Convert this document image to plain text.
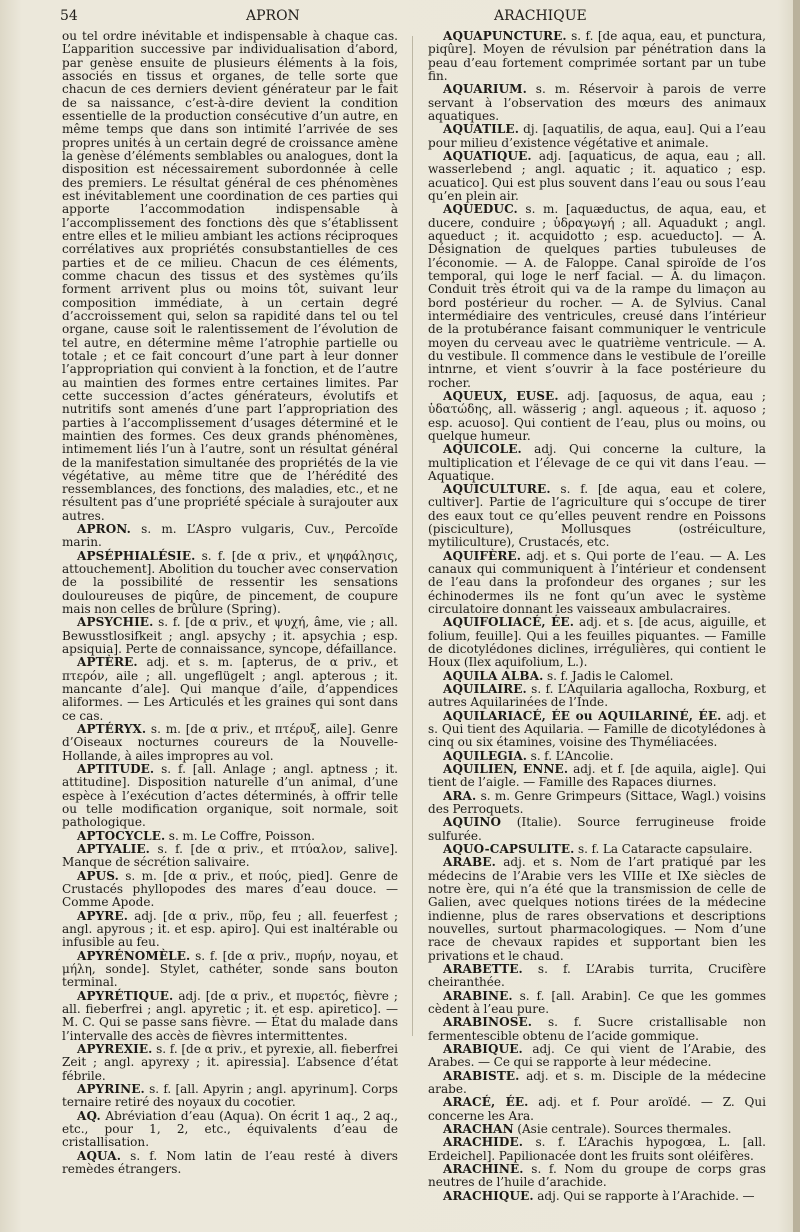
54	APRON	ARACHIQUE

ou tel ordre inévitable et indispensable à chaque cas. L’apparition successive par individualisation d’abord, par genèse ensuite de plusieurs éléments à la fois, associés en tissus et organes, de telle sorte que chacun de ces derniers devient générateur par le fait de sa naissance, c’est-à-dire devient la condition essentielle de la production consécutive d’un autre, en même temps que dans son intimité l’arrivée de ses propres unités à un certain degré de croissance amène la genèse d’éléments semblables ou analogues, dont la disposition est nécessairement subordonnée à celle des premiers. Le résultat général de ces phénomènes est inévitablement une coordination de ces parties qui apporte l’accommodation indispensable à l’accomplissement des fonctions dès que s’établissent entre elles et le milieu ambiant les actions réciproques corrélatives aux propriétés consubstantielles de ces parties et de ce milieu. Chacun de ces éléments, comme chacun des tissus et des systèmes qu’ils forment arrivent plus ou moins tôt, suivant leur composition immédiate, à un certain degré d’accroissement qui, selon sa rapidité dans tel ou tel organe, cause soit le ralentissement de l’évolution de tel autre, en détermine même l’atrophie partielle ou totale ; et ce fait concourt d’une part à leur donner l’appropriation qui convient à la fonction, et de l’autre au maintien des formes entre certaines limites. Par cette succession d’actes générateurs, évolutifs et nutritifs sont amenés d’une part l’appropriation des parties à l’accomplissement d’usages déterminé et le maintien des formes. Ces deux grands phénomènes, intimement liés l’un à l’autre, sont un résultat général de la manifestation simultanée des propriétés de la vie végétative, au même titre que de l’hérédité des ressemblances, des fonctions, des maladies, etc., et ne résultent pas d’une propriété spéciale à surajouter aux autres.

APRON. s. m. L’Aspro vulgaris, Cuv., Percoïde marin.

APSÉPHIALÉSIE. s. f. [de α priv., et ψηφάλησις, attouchement]. Abolition du toucher avec conservation de la possibilité de ressentir les sensations douloureuses de piqûre, de pincement, de coupure mais non celles de brûlure (Spring).

APSYCHIE. s. f. [de α priv., et ψυχή, âme, vie ; all. Bewusstlosifkeit ; angl. apsychy ; it. apsychia ; esp. apsiquia]. Perte de connaissance, syncope, défaillance.

APTÈRE. adj. et s. m. [apterus, de α priv., et πτερόν, aile ; all. ungeflügelt ; angl. apterous ; it. mancante d’ale]. Qui manque d’aile, d’appendices aliformes. — Les Articulés et les graines qui sont dans ce cas.

APTÉRYX. s. m. [de α priv., et πτέρυξ, aile]. Genre d’Oiseaux nocturnes coureurs de la Nouvelle-Hollande, à ailes impropres au vol.

APTITUDE. s. f. [all. Anlage ; angl. aptness ; it. attitudine]. Disposition naturelle d’un animal, d’une espèce à l’exécution d’actes déterminés, à offrir telle ou telle modification organique, soit normale, soit pathologique.

APTOCYCLE. s. m. Le Coffre, Poisson.

APTYALIE. s. f. [de α priv., et πτύαλον, salive]. Manque de sécrétion salivaire.

APUS. s. m. [de α priv., et πούς, pied]. Genre de Crustacés phyllopodes des mares d’eau douce. — Comme Apode.

APYRE. adj. [de α priv., πῦρ, feu ; all. feuerfest ; angl. apyrous ; it. et esp. apiro]. Qui est inaltérable ou infusible au feu.

APYRÉNOMÈLE. s. f. [de α priv., πυρήν, noyau, et μήλη, sonde]. Stylet, cathéter, sonde sans bouton terminal.

APYRÉTIQUE. adj. [de α priv., et πυρετός, fièvre ; all. fieberfrei ; angl. apyretic ; it. et esp. apiretico]. — M. C. Qui se passe sans fièvre. — État du malade dans l’intervalle des accès de fièvres intermittentes.

APYREXIE. s. f. [de α priv., et pyrexie, all. fieberfrei Zeit ; angl. apyrexy ; it. apiressia]. L’absence d’état fébrile.

APYRINE. s. f. [all. Apyrin ; angl. apyrinum]. Corps ternaire retiré des noyaux du cocotier.

AQ. Abréviation d’eau (Aqua). On écrit 1 aq., 2 aq., etc., pour 1, 2, etc., équivalents d’eau de cristallisation.

AQUA. s. f. Nom latin de l’eau resté à divers remèdes étrangers.

AQUAPUNCTURE. s. f. [de aqua, eau, et punctura, piqûre]. Moyen de révulsion par pénétration dans la peau d’eau fortement comprimée sortant par un tube fin.

AQUARIUM. s. m. Réservoir à parois de verre servant à l’observation des mœurs des animaux aquatiques.

AQUATILE. dj. [aquatilis, de aqua, eau]. Qui a l’eau pour milieu d’existence végétative et animale.

AQUATIQUE. adj. [aquaticus, de aqua, eau ; all. wasserlebend ; angl. aquatic ; it. aquatico ; esp. acuatico]. Qui est plus souvent dans l’eau ou sous l’eau qu’en plein air.

AQUEDUC. s. m. [aquæductus, de aqua, eau, et ducere, conduire ; ὑδραγωγή ; all. Aquadukt ; angl. aqueduct ; it. acquidotto ; esp. acueducto]. — A. Désignation de quelques parties tubuleuses de l’économie. — A. de Faloppe. Canal spiroïde de l’os temporal, qui loge le nerf facial. — A. du limaçon. Conduit très étroit qui va de la rampe du limaçon au bord postérieur du rocher. — A. de Sylvius. Canal intermédiaire des ventricules, creusé dans l’intérieur de la protubérance faisant communiquer le ventricule moyen du cerveau avec le quatrième ventricule. — A. du vestibule. Il commence dans le vestibule de l’oreille intnrne, et vient s’ouvrir à la face postérieure du rocher.

AQUEUX, EUSE. adj. [aquosus, de aqua, eau ; ὑδατώδης, all. wässerig ; angl. aqueous ; it. aquoso ; esp. acuoso]. Qui contient de l’eau, plus ou moins, ou quelque humeur.

AQUICOLE. adj. Qui concerne la culture, la multiplication et l’élevage de ce qui vit dans l’eau. — Aquatique.

AQUICULTURE. s. f. [de aqua, eau et colere, cultiver]. Partie de l’agriculture qui s’occupe de tirer des eaux tout ce qu’elles peuvent rendre en Poissons (pisciculture), Mollusques (ostréiculture, mytiliculture), Crustacés, etc.

AQUIFÈRE. adj. et s. Qui porte de l’eau. — A. Les canaux qui communiquent à l’intérieur et condensent de l’eau dans la profondeur des organes ; sur les échinodermes ils ne font qu’un avec le système circulatoire donnant les vaisseaux ambulacraires.

AQUIFOLIACÉ, ÉE. adj. et s. [de acus, aiguille, et folium, feuille]. Qui a les feuilles piquantes. — Famille de dicotylédones diclines, irrégulières, qui contient le Houx (Ilex aquifolium, L.).

AQUILA ALBA. s. f. Jadis le Calomel.

AQUILAIRE. s. f. L’Aquilaria agallocha, Roxburg, et autres Aquilarinées de l’Inde.

AQUILARIACÉ, ÉE ou AQUILARINÉ, ÉE. adj. et s. Qui tient des Aquilaria. — Famille de dicotylédones à cinq ou six étamines, voisine des Thyméliacées.

AQUILEGIA. s. f. L’Ancolie.

AQUILIEN, ENNE. adj. et f. [de aquila, aigle]. Qui tient de l’aigle. — Famille des Rapaces diurnes.

ARA. s. m. Genre Grimpeurs (Sittace, Wagl.) voisins des Perroquets.

AQUINO (Italie). Source ferrugineuse froide sulfurée.

AQUO-CAPSULITE. s. f. La Cataracte capsulaire.

ARABE. adj. et s. Nom de l’art pratiqué par les médecins de l’Arabie vers les VIIIe et IXe siècles de notre ère, qui n’a été que la transmission de celle de Galien, avec quelques notions tirées de la médecine indienne, plus de rares observations et descriptions nouvelles, surtout pharmacologiques. — Nom d’une race de chevaux rapides et supportant bien les privations et le chaud.

ARABETTE. s. f. L’Arabis turrita, Crucifère cheiranthée.

ARABINE. s. f. [all. Arabin]. Ce que les gommes cèdent à l’eau pure.

ARABINOSE. s. f. Sucre cristallisable non fermentescible obtenu de l’acide gommique.

ARABIQUE. adj. Ce qui vient de l’Arabie, des Arabes. — Ce qui se rapporte à leur médecine.

ARABISTE. adj. et s. m. Disciple de la médecine arabe.

ARACÉ, ÉE. adj. et f. Pour aroïdé. — Z. Qui concerne les Ara.

ARACHAN (Asie centrale). Sources thermales.

ARACHIDE. s. f. L’Arachis hypogœa, L. [all. Erdeichel]. Papilionacée dont les fruits sont oléifères.

ARACHINE. s. f. Nom du groupe de corps gras neutres de l’huile d’arachide.

ARACHIQUE. adj. Qui se rapporte à l’Arachide. —
